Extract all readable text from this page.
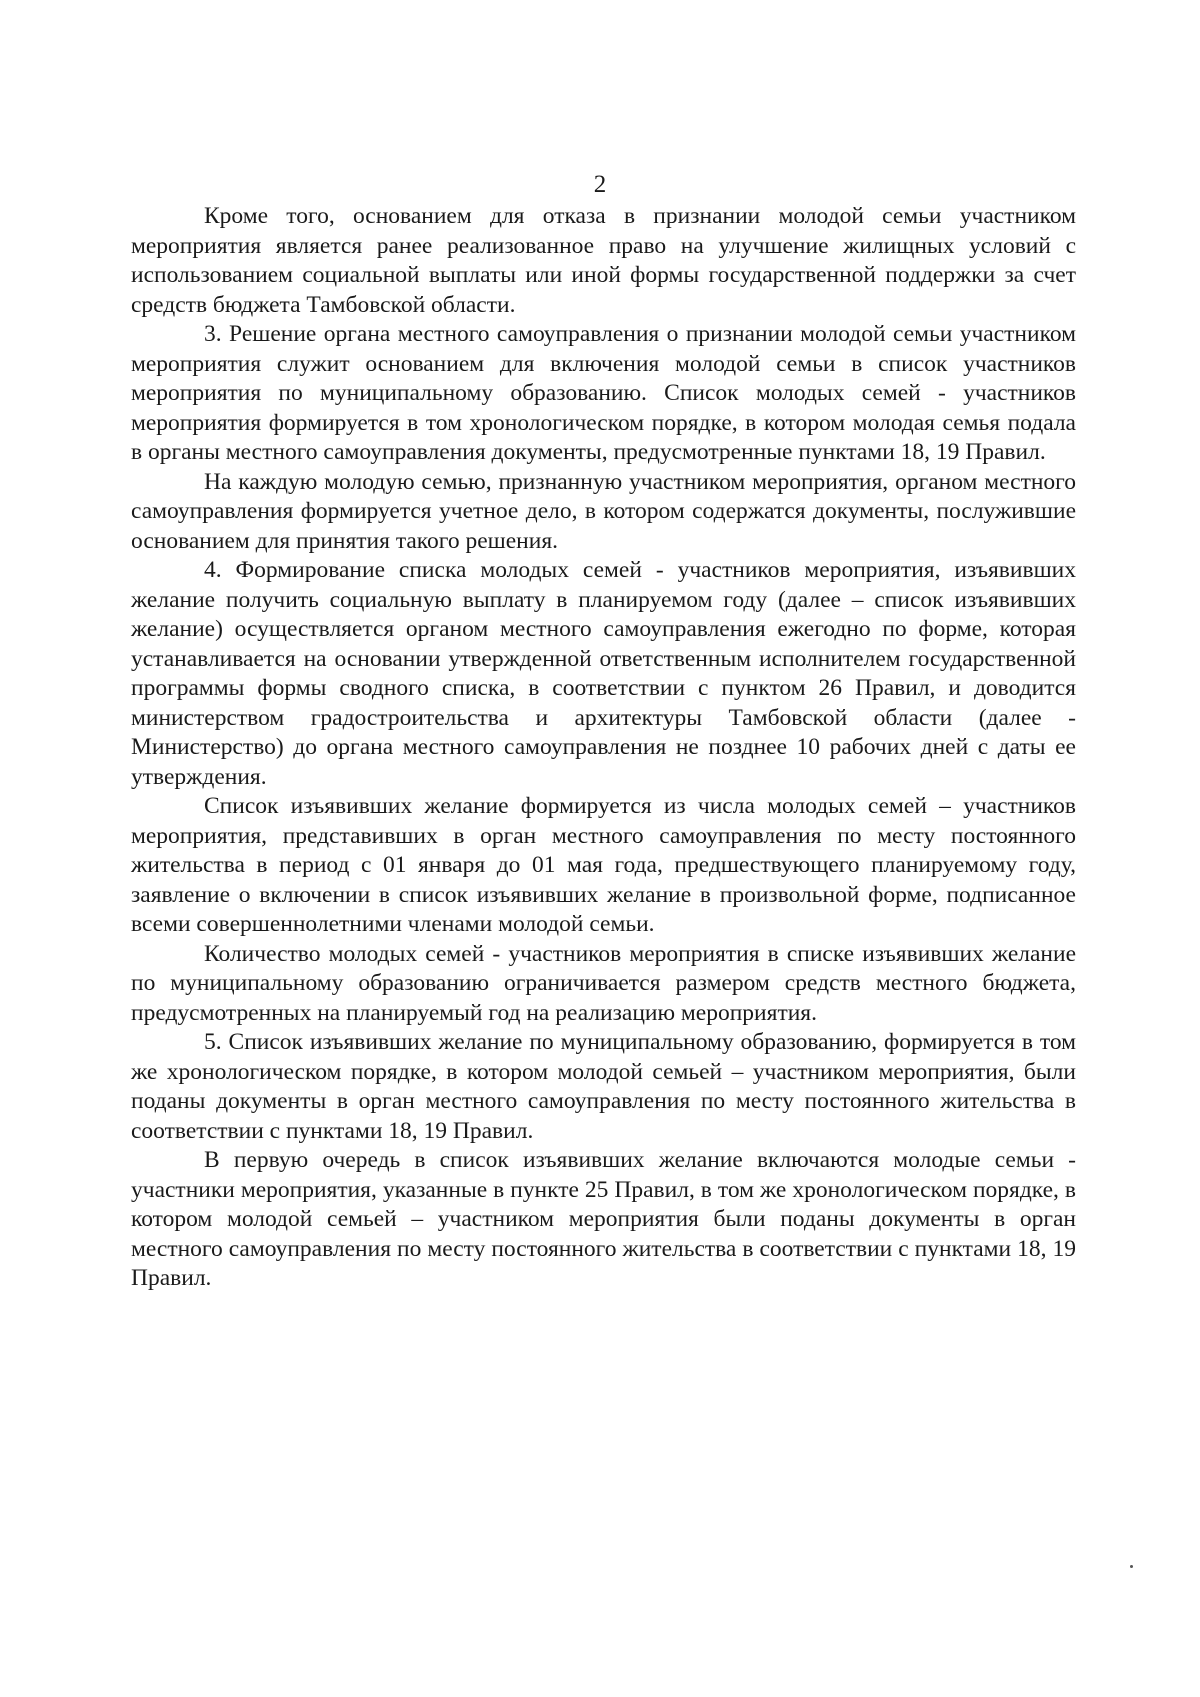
2

Кроме того, основанием для отказа в признании молодой семьи участником мероприятия является ранее реализованное право на улучшение жилищных условий с использованием социальной выплаты или иной формы государственной поддержки за счет средств бюджета Тамбовской области.

3. Решение органа местного самоуправления о признании молодой семьи участником мероприятия служит основанием для включения молодой семьи в список участников мероприятия по муниципальному образованию. Список молодых семей - участников мероприятия формируется в том хронологическом порядке, в котором молодая семья подала в органы местного самоуправления документы, предусмотренные пунктами 18, 19 Правил.

На каждую молодую семью, признанную участником мероприятия, органом местного самоуправления формируется учетное дело, в котором содержатся документы, послужившие основанием для принятия такого решения.

4. Формирование списка молодых семей - участников мероприятия, изъявивших желание получить социальную выплату в планируемом году (далее – список изъявивших желание) осуществляется органом местного самоуправления ежегодно по форме, которая устанавливается на основании утвержденной ответственным исполнителем государственной программы формы сводного списка, в соответствии с пунктом 26 Правил, и доводится министерством градостроительства и архитектуры Тамбовской области (далее - Министерство) до органа местного самоуправления не позднее 10 рабочих дней с даты ее утверждения.

Список изъявивших желание формируется из числа молодых семей – участников мероприятия, представивших в орган местного самоуправления по месту постоянного жительства в период с 01 января до 01 мая года, предшествующего планируемому году, заявление о включении в список изъявивших желание в произвольной форме, подписанное всеми совершеннолетними членами молодой семьи.

Количество молодых семей - участников мероприятия в списке изъявивших желание по муниципальному образованию ограничивается размером средств местного бюджета, предусмотренных на планируемый год на реализацию мероприятия.

5. Список изъявивших желание по муниципальному образованию, формируется в том же хронологическом порядке, в котором молодой семьей – участником мероприятия, были поданы документы в орган местного самоуправления по месту постоянного жительства в соответствии с пунктами 18, 19 Правил.

В первую очередь в список изъявивших желание включаются молодые семьи - участники мероприятия, указанные в пункте 25 Правил, в том же хронологическом порядке, в котором молодой семьей – участником мероприятия были поданы документы в орган местного самоуправления по месту постоянного жительства в соответствии с пунктами 18, 19 Правил.
